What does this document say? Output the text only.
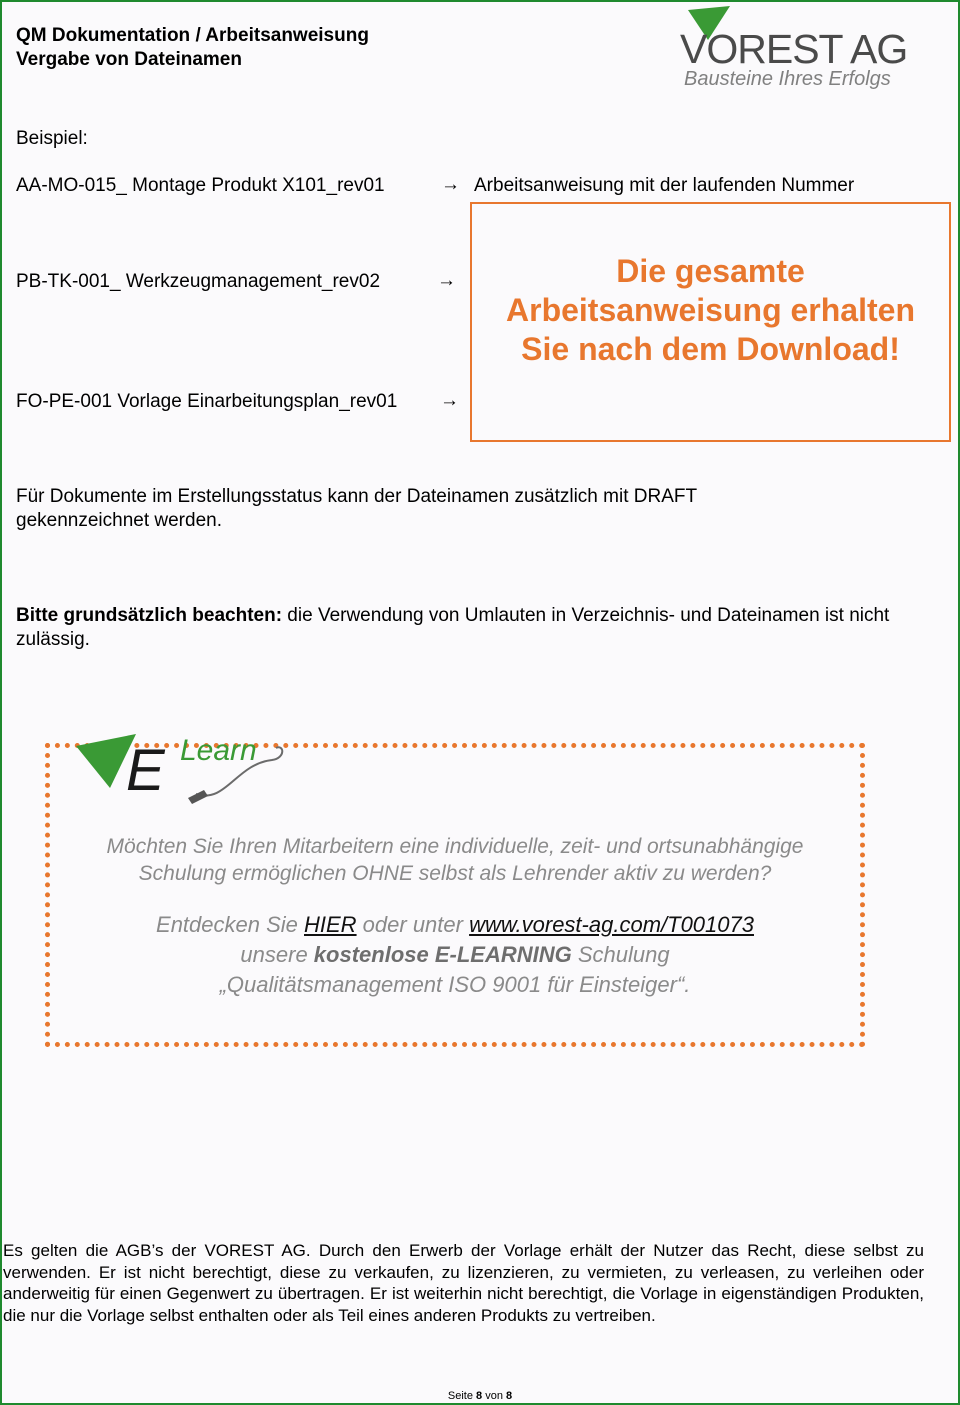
QM Dokumentation / Arbeitsanweisung
Vergabe von Dateinamen	VOREST AG
Bausteine Ihres Erfolgs
Beispiel:
AA-MO-015_ Montage Produkt X101_rev01	→ Arbeitsanweisung mit der laufenden Nummer
PB-TK-001_ Werkzeugmanagement_rev02	→
FO-PE-001 Vorlage Einarbeitungsplan_rev01 →
Die gesamte Arbeitsanweisung erhalten Sie nach dem Download!
Für Dokumente im Erstellungsstatus kann der Dateinamen zusätzlich mit DRAFT gekennzeichnet werden.
Bitte grundsätzlich beachten: die Verwendung von Umlauten in Verzeichnis- und Dateinamen ist nicht zulässig.
E Learn
Möchten Sie Ihren Mitarbeitern eine individuelle, zeit- und ortsunabhängige Schulung ermöglichen OHNE selbst als Lehrender aktiv zu werden?
Entdecken Sie HIER oder unter www.vorest-ag.com/T001073
unsere kostenlose E-LEARNING Schulung
„Qualitätsmanagement ISO 9001 für Einsteiger“.
Es gelten die AGB’s der VOREST AG. Durch den Erwerb der Vorlage erhält der Nutzer das Recht, diese selbst zu verwenden. Er ist nicht berechtigt, diese zu verkaufen, zu lizenzieren, zu vermieten, zu verleasen, zu verleihen oder anderweitig für einen Gegenwert zu übertragen. Er ist weiterhin nicht berechtigt, die Vorlage in eigenständigen Produkten, die nur die Vorlage selbst enthalten oder als Teil eines anderen Produkts zu vertreiben.
Seite 8 von 8
